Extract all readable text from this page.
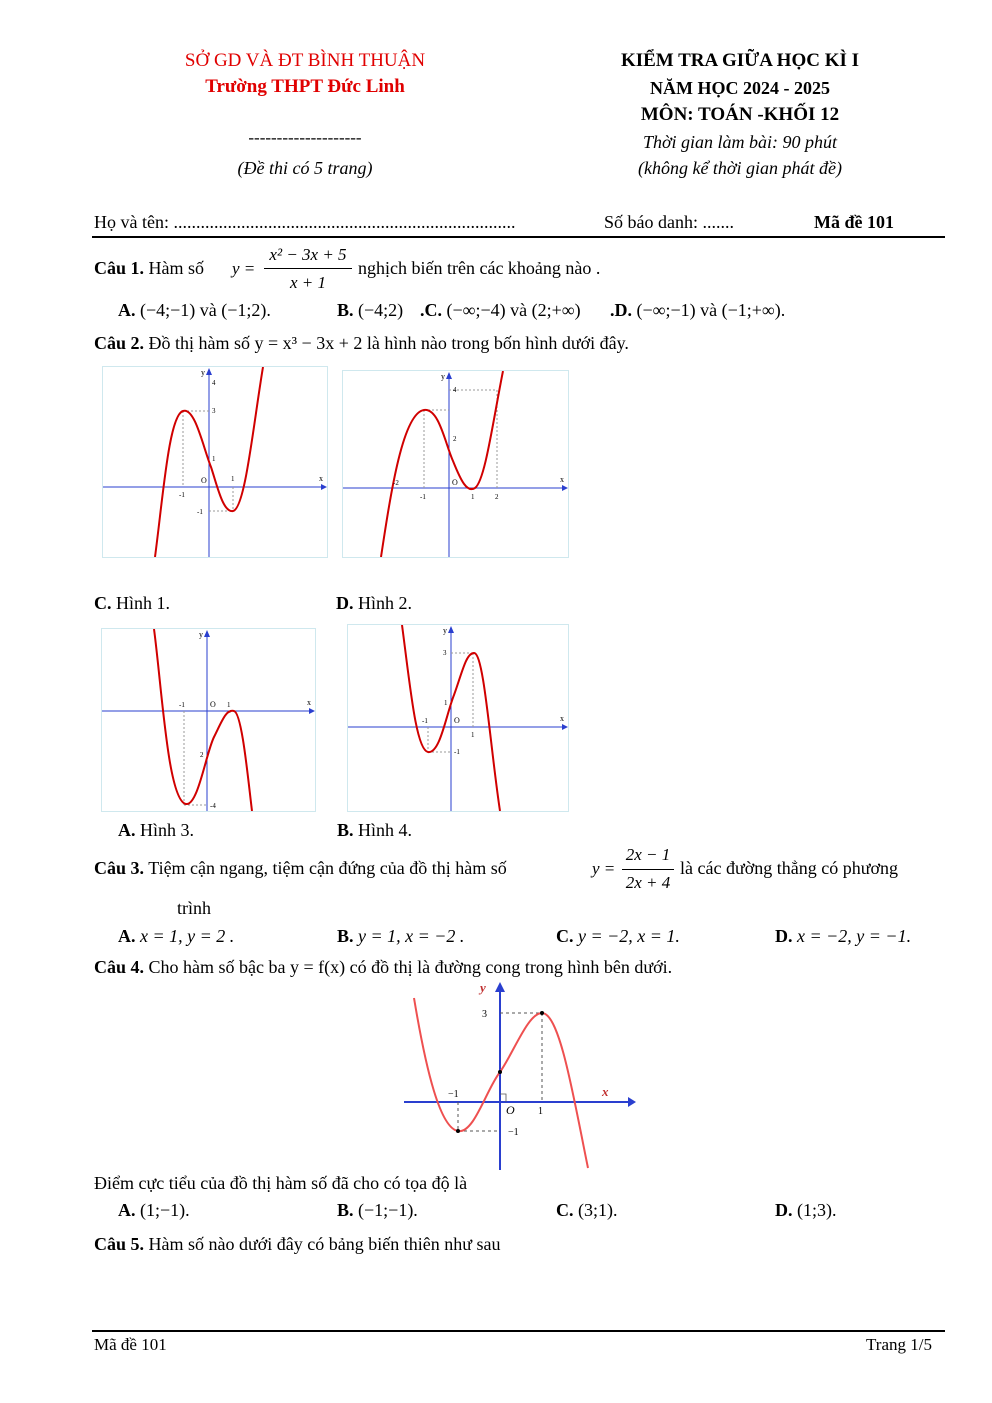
SỞ GD VÀ ĐT BÌNH THUẬN
Trường THPT Đức Linh
--------------------
(Đề thi có 5 trang)
KIỂM TRA GIỮA HỌC KÌ I
NĂM HỌC 2024 - 2025
MÔN: TOÁN -KHỐI 12
Thời gian làm bài: 90 phút
(không kể thời gian phát đề)
Họ và tên: ............................................................................	Số báo danh: .......	Mã đề 101
Câu 1. Hàm số y =
x² − 3x + 5
x + 1
nghịch biến trên các khoảng nào .
A. (−4;−1) và (−1;2).	B. (−4;2) .C. (−∞;−4) và (2;+∞) .D. (−∞;−1) và (−1;+∞).
Câu 2. Đồ thị hàm số y = x³ − 3x + 2 là hình nào trong bốn hình dưới đây.
y
x
O
4
3
1
1
-1
-1
y
x
O
4
2
-2
-1	1	2
C. Hình 1.	D. Hình 2.
y
x
-1	O 1
2
-4
y
x
3
1
-1	O
1
-1
A. Hình 3.	B. Hình 4.
Câu 3. Tiệm cận ngang, tiệm cận đứng của đồ thị hàm số	y =
2x − 1
2x + 4
là các đường thẳng có phương
trình
A. x = 1, y = 2 .	B. y = 1, x = −2 .	C. y = −2, x = 1.	D. x = −2, y = −1.
Câu 4. Cho hàm số bậc ba y = f(x) có đồ thị là đường cong trong hình bên dưới.
y
x
3
−1
O 1
−1
Điểm cực tiểu của đồ thị hàm số đã cho có tọa độ là
A. (1;−1).	B. (−1;−1).	C. (3;1).	D. (1;3).
Câu 5. Hàm số nào dưới đây có bảng biến thiên như sau
Mã đề 101	Trang 1/5
